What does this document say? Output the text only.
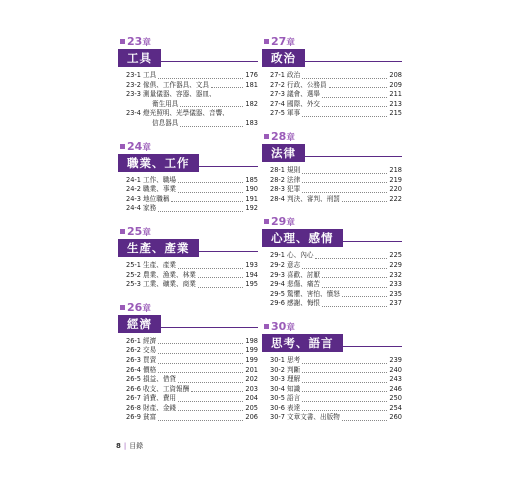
23章
工具
23-1 工具	176
23-2 傢俱、工作器具、文具	181
23-3 測量儀器、容器、器皿、
衛生用具	182
23-4 燈光照明、光學儀器、音響、
信息器具	183
24章
職業、工作
24-1 工作、職場	185
24-2 職業、事業	190
24-3 地位職稱	191
24-4 家務	192
25章
生產、產業
25-1 生產、產業	193
25-2 農業、漁業、林業	194
25-3 工業、礦業、商業	195
26章
經濟
26-1 經濟	198
26-2 交易	199
26-3 買賣	199
26-4 價格	201
26-5 損益、借貸	202
26-6 收支、工資報酬	203
26-7 消費、費用	204
26-8 財產、金錢	205
26-9 貧富	206
27章
政治
27-1 政治	208
27-2 行政、公務員	209
27-3 議會、選舉	211
27-4 國際、外交	213
27-5 軍事	215
28章
法律
28-1 規則	218
28-2 法律	219
28-3 犯罪	220
28-4 判決、審判、刑罰	222
29章
心理、感情
29-1 心、內心	225
29-2 意志	229
29-3 喜歡、討厭	232
29-4 悲傷、痛苦	233
29-5 驚懼、害怕、憤怒	235
29-6 感謝、悔恨	237
30章
思考、語言
30-1 思考	239
30-2 判斷	240
30-3 理解	243
30-4 知識	246
30-5 語言	250
30-6 表達	254
30-7 文章文書、出版物	260
8 | 目錄
